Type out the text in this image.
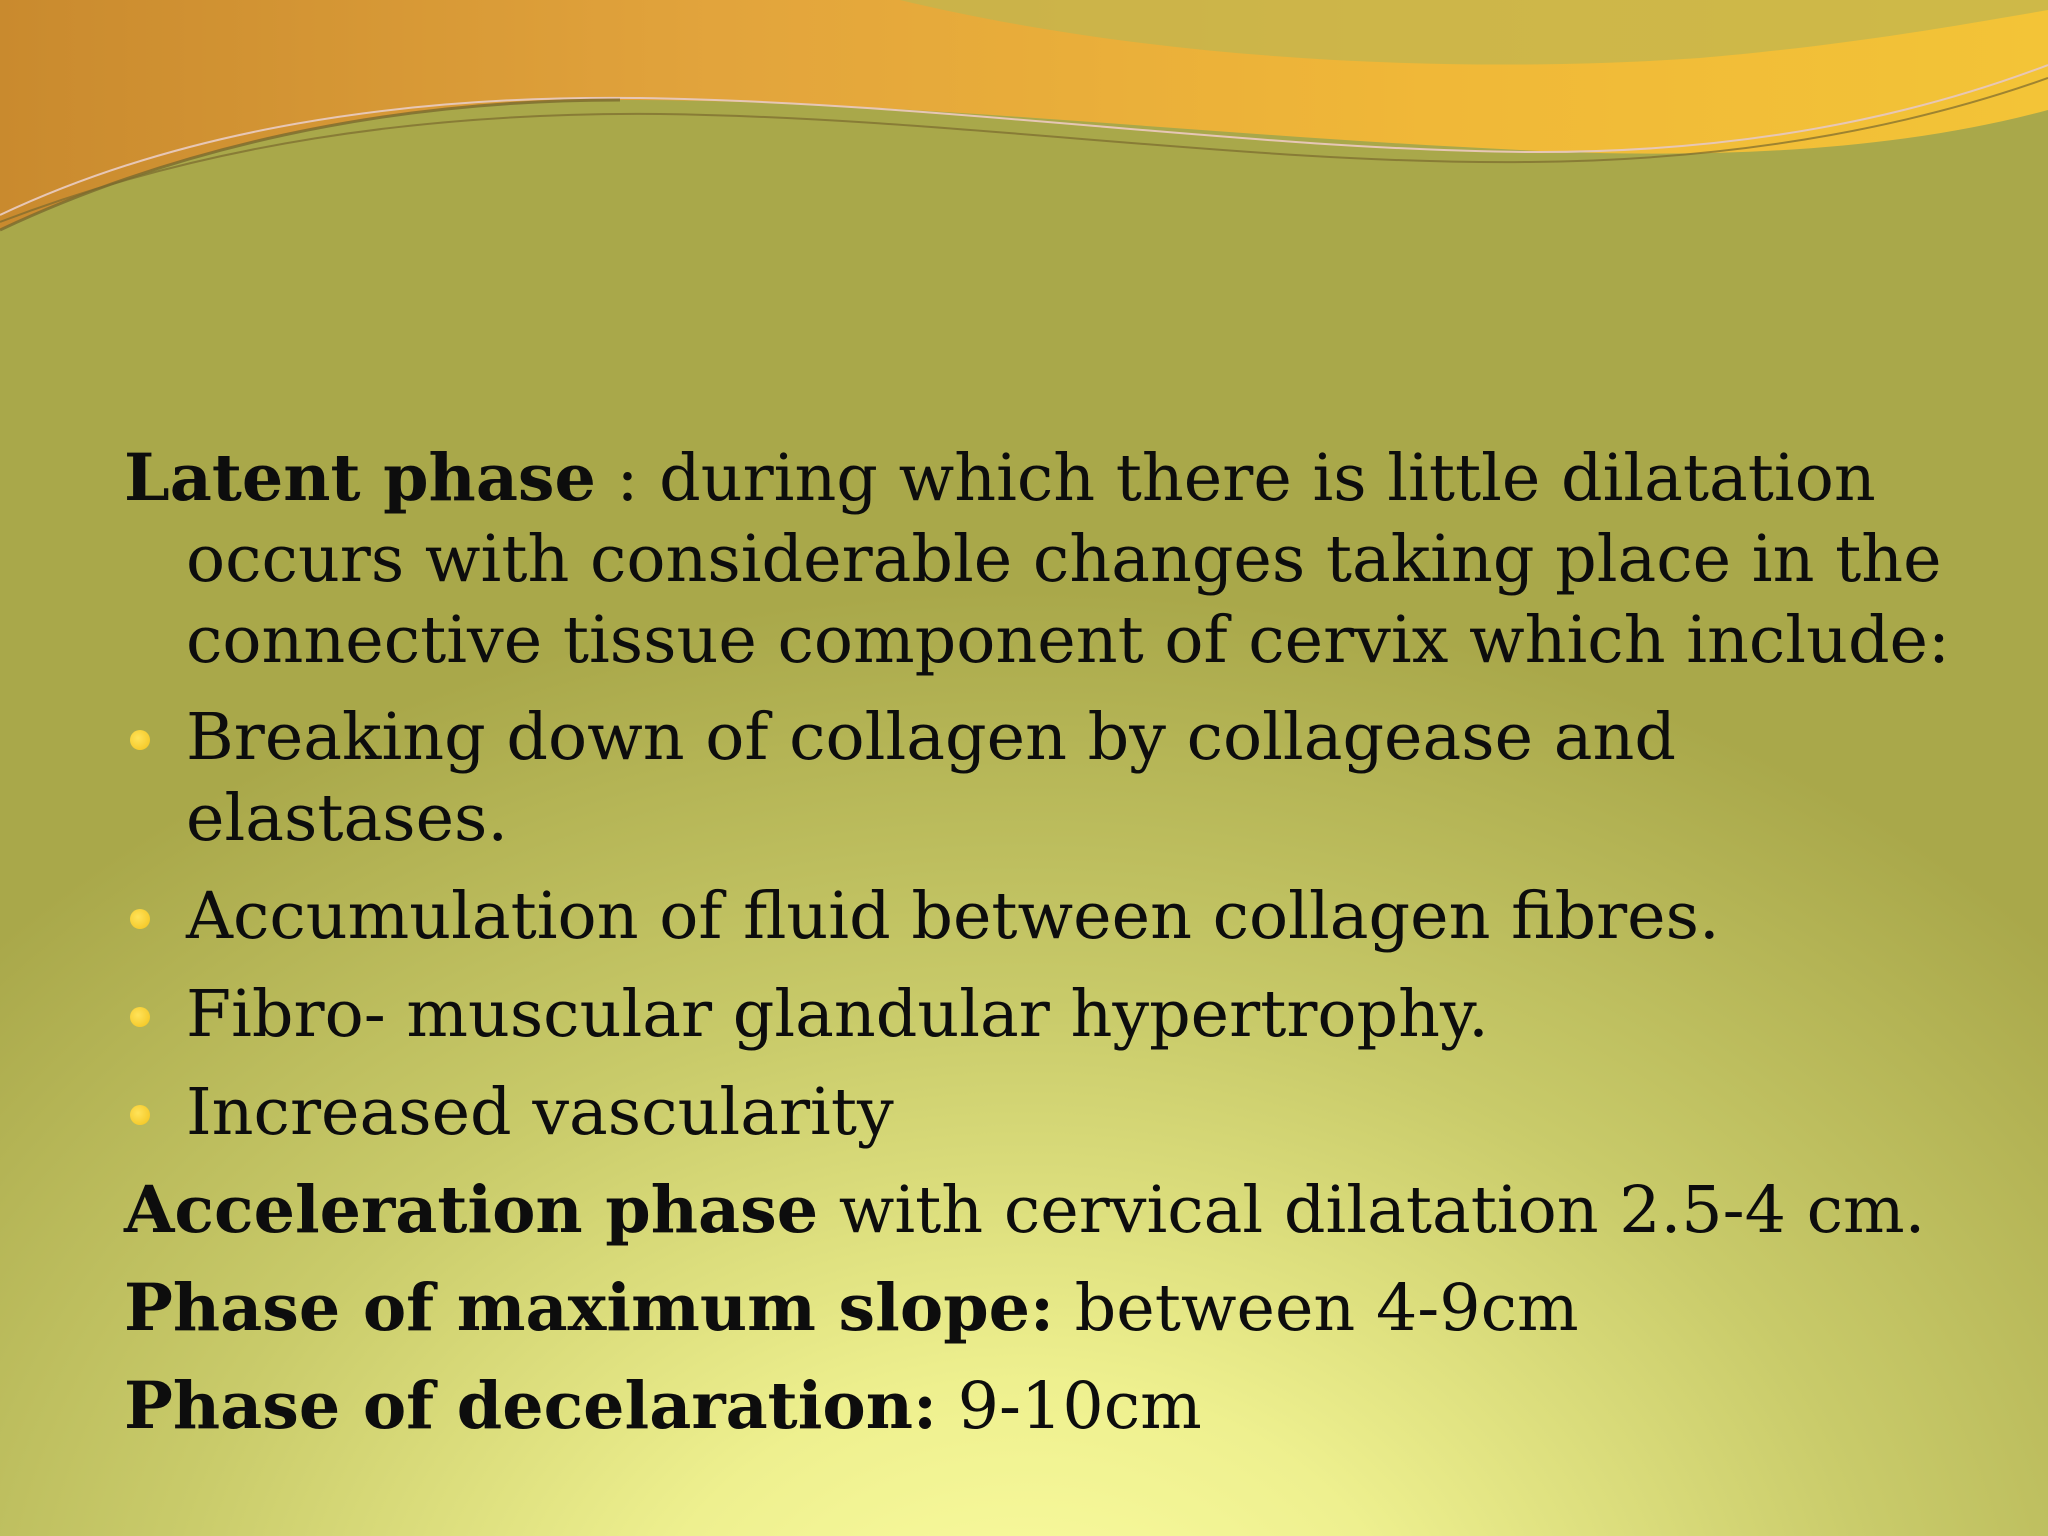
Latent phase : during which there is little dilatation occurs with considerable changes taking place in the connective tissue component of cervix which include:

Breaking down of collagen by collagease and elastases.
Accumulation of fluid between collagen fibres.
Fibro- muscular glandular hypertrophy.
Increased vascularity

Acceleration phase with cervical dilatation 2.5-4 cm.

Phase of maximum slope: between 4-9cm

Phase of decelaration: 9-10cm
